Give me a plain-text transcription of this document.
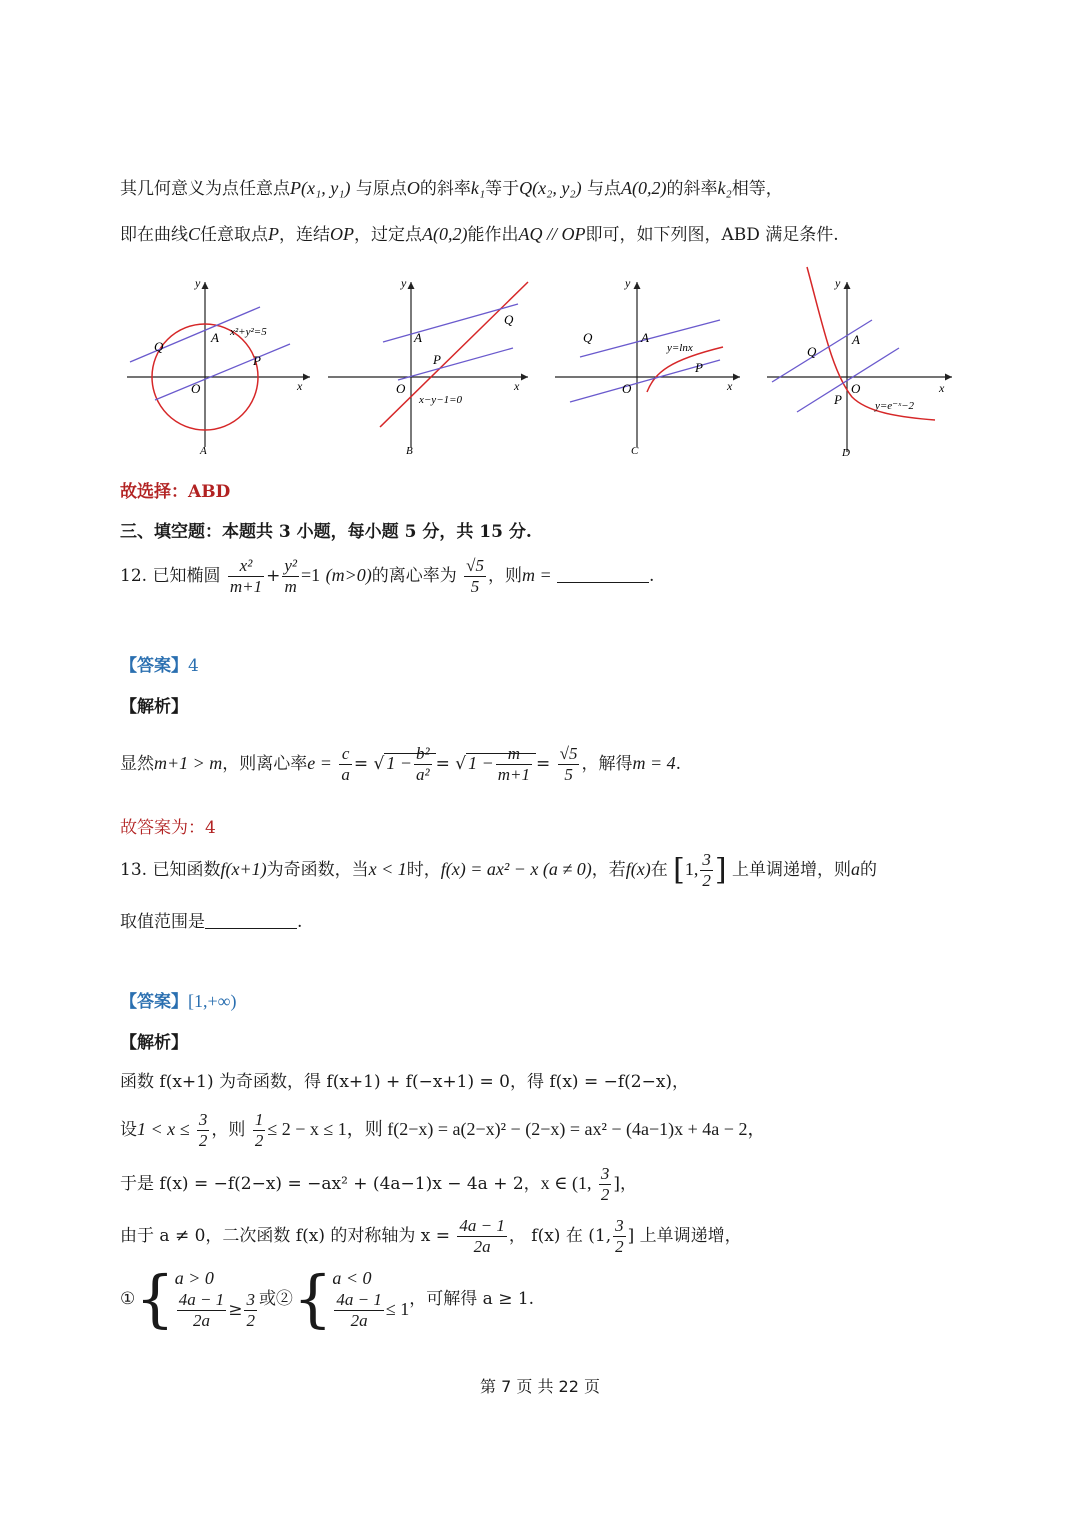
其几何意义为点任意点P(x₁, y₁) 与原点O的斜率k₁等于Q(x₂, y₂) 与点A(0,2)的斜率k₂相等，
即在曲线C任意取点P，连结OP，过定点A(0,2)能作出AQ // OP即可，如下列图，ABD 满足条件.
y
x
O
A
Q
P
x²+y²=5
A
y
x
O
A
Q
P
x−y−1=0
B
y
x
O
A
Q
P
y=lnx
C
y
x
O
A
Q
P	y=e⁻ˣ−2
D
故选择：ABD
三、填空题：本题共 3 小题，每小题 5 分，共 15 分.
12. 已知椭圆 $\frac{\text{x²}}{m+1} + \frac{\text{y²}}{m} =1$ (m>0)的离心率为 $\frac{√5}{5}$ ，则m =	.
【答案】4
【解析】
显然m+1 > m，则离心率$e = \frac{c}{a}$ = √ $1 - \frac{\text{b²}}{\text{a²}}$ = √ $1 - \frac{m}{m+1} = \frac{√5}{5}$ ，解得m = 4.
故答案为：4
13. 已知函数f(x+1)为奇函数，当x < 1时，f(x) = ax² − x (a ≠ 0)，若f(x)在 [1, $\frac{3}{2}$ ] 上单调递增，则a的
取值范围是	.
【答案】[1,+∞)
【解析】
函数 f(x+1) 为奇函数，得 f(x+1) + f(−x+1) = 0，得 f(x) = −f(2−x)，
设$1 < x \le \frac{3}{2}$ ，则 $\frac{1}{2} \le 2 - x \le 1$，则 f(2−x) = a(2−x)² − (2−x) = ax² − (4a−1)x + 4a − 2，
于是 f(x) = −f(2−x) = −ax² + (4a−1)x − 4a + 2，x ∈ (1, $\frac{3}{2}$ ]，
由于 a ≠ 0，二次函数 f(x) 的对称轴为 $x = \frac{4a - 1}{2a}$ ， f(x) 在 (1, $\frac{3}{2}$ ] 上单调递增，
①{ a > 0
$\frac{4a - 1}{2a} \ge \frac{3}{2}$ 或②{ a < 0
$\frac{4a - 1}{2a} \le 1$ ，可解得 a ≥ 1.
第 7 页 共 22 页
